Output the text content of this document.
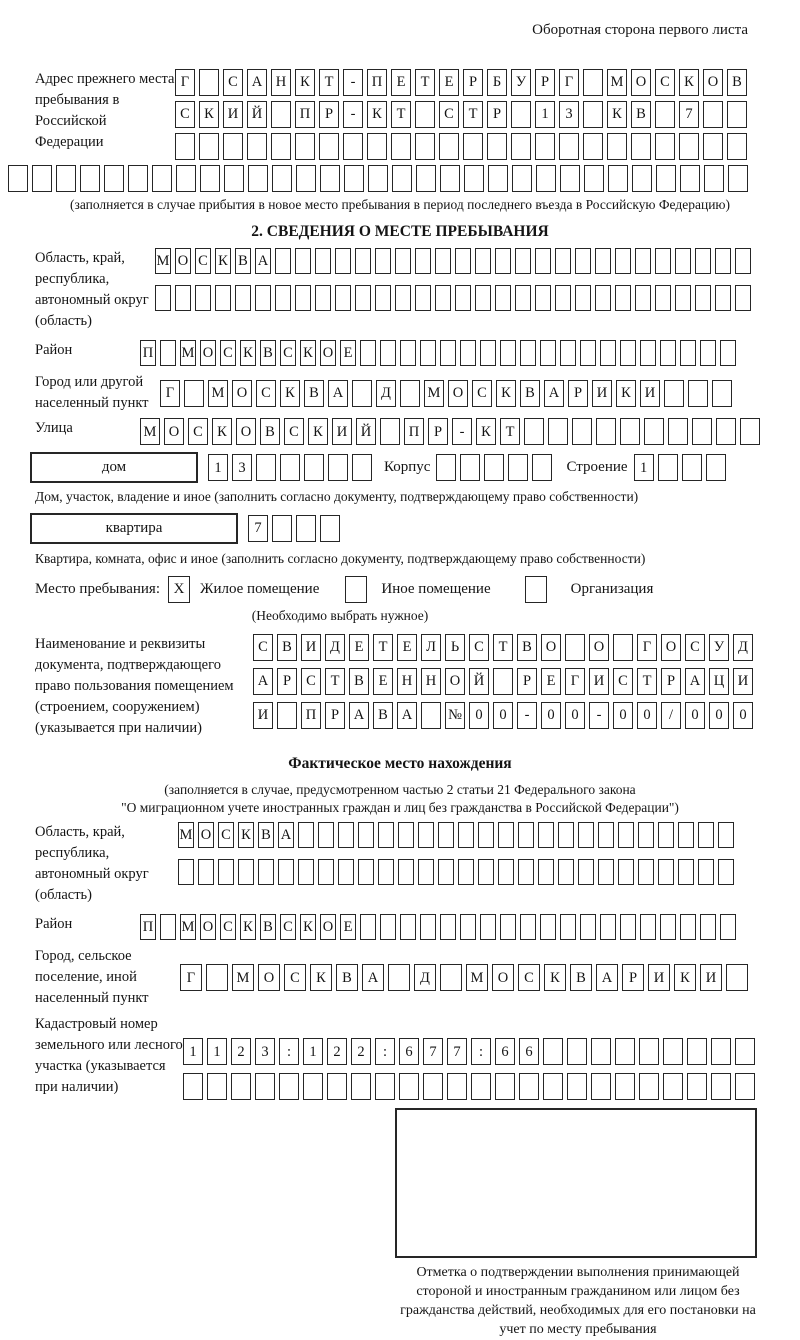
Оборотная сторона первого листа
Адрес прежнего места пребывания в Российской Федерации
Г	С А Н К	Т	-	П Е	Т	Е	Р	Б	У	Р	Г	М О С К О В
С К И Й	П	Р	-	К	Т	С	Т	Р	1	3	К В	7
(заполняется в случае прибытия в новое место пребывания в период последнего въезда в Российскую Федерацию)
2. СВЕДЕНИЯ О МЕСТЕ ПРЕБЫВАНИЯ
Область, край, республика, автономный округ (область)
М О С К В А
Район	П М О С К В С К О Е
Город или другой населенный пункт
Г	М О С К В А	Д	М О С К В А	Р	И К И
Улица	М О С К О В С К И Й	П	Р	-	К	Т
дом	1	3	Корпус	Строение 1
Дом, участок, владение и иное (заполнить согласно документу, подтверждающему право собственности)
квартира	7
Квартира, комната, офис и иное (заполнить согласно документу, подтверждающему право собственности)
Место пребывания: X	Жилое помещение	Иное помещение	Организация
(Необходимо выбрать нужное)
Наименование и реквизиты документа, подтверждающего право пользования помещением (строением, сооружением) (указывается при наличии)
С В И Д	Е	Т	Е	Л	Ь	С	Т	В О	О	Г	О С У Д
А	Р	С	Т	В	Е Н Н О Й	Р	Е	Г	И С	Т	Р	А Ц И
И	П	Р	А В А	№ 0	0	-	0	0	-	0	0	/	0	0	0
Фактическое место нахождения
(заполняется в случае, предусмотренном частью 2 статьи 21 Федерального закона
"О миграционном учете иностранных граждан и лиц без гражданства в Российской Федерации")
Область, край, республика, автономный округ (область)
М О С К В А
Район	П М О С К В С К О Е
Город, сельское поселение, иной населенный пункт
Г	М О	С	К	В	А	Д	М О	С	К	В	А	Р	И	К	И
Кадастровый номер земельного или лесного участка (указывается при наличии)
1	1	2	3	:	1	2	2	:	6	7	7	:	6	6
Отметка о подтверждении выполнения принимающей стороной и иностранным гражданином или лицом без гражданства действий, необходимых для его постановки на учет по месту пребывания
